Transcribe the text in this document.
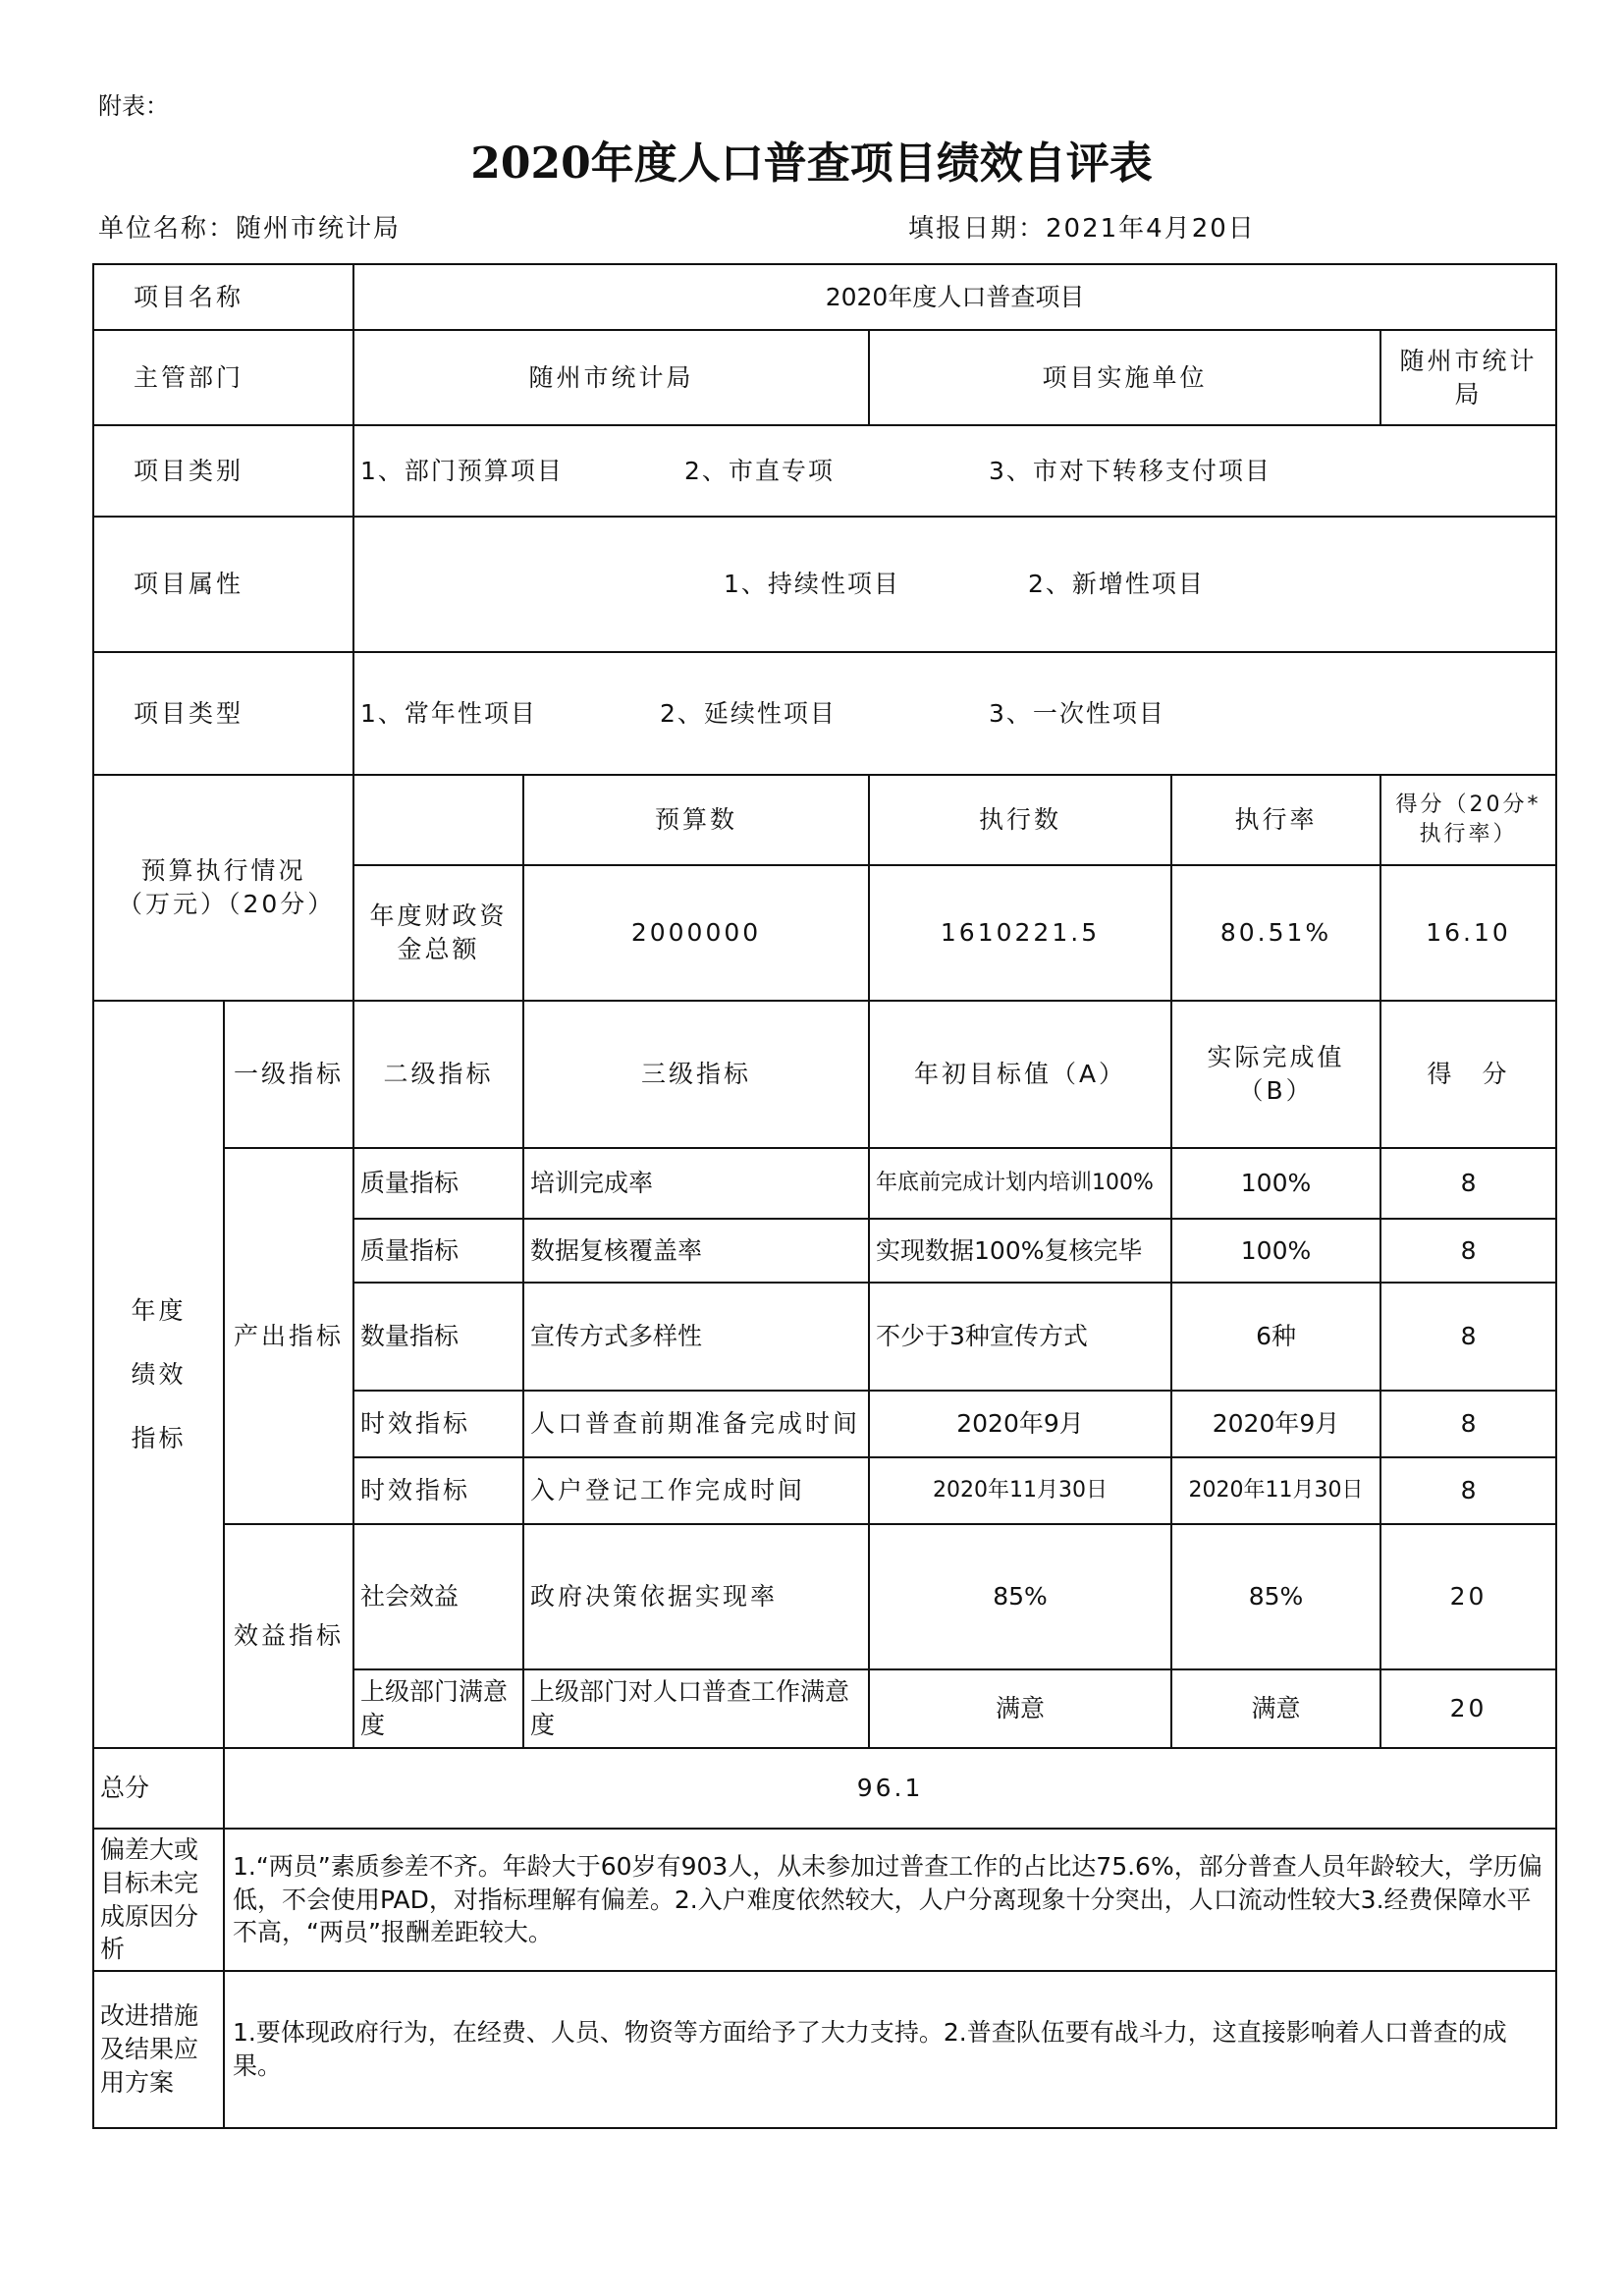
附表：
2020年度人口普查项目绩效自评表
单位名称：随州市统计局	填报日期：2021年4月20日
项目名称		2020年度人口普查项目				
主管部门		随州市统计局		项目实施单位		随州市统计局
项目类别		1、部门预算项目 2、市直专项 3、市对下转移支付项目				

项目属性		1、持续性项目 2、新增性项目				

项目类型		1、常年性项目 2、延续性项目 3、一次性项目				

预算执行情况（万元）（20分）			预算数	执行数	执行率	得分（20分*执行率）
		年度财政资金总额	2000000	1610221.5	80.51%	16.10
年度绩效指标	一级指标	二级指标	三级指标	年初目标值（A）	实际完成值（B）	得　分
	产出指标	质量指标	培训完成率	年底前完成计划内培训100%	100%	8
		质量指标	数据复核覆盖率	实现数据100%复核完毕	100%	8
		数量指标	宣传方式多样性	不少于3种宣传方式	6种	8
		时效指标	人口普查前期准备完成时间	2020年9月	2020年9月	8
		时效指标	入户登记工作完成时间	2020年11月30日	2020年11月30日	8
	效益指标	社会效益	政府决策依据实现率	85%	85%	20
		上级部门满意度	上级部门对人口普查工作满意度	满意	满意	20
总分	96.1					
偏差大或目标未完成原因分析	1.“两员”素质参差不齐。年龄大于60岁有903人，从未参加过普查工作的占比达75.6%，部分普查人员年龄较大，学历偏低，不会使用PAD，对指标理解有偏差。2.入户难度依然较大，人户分离现象十分突出，人口流动性较大3.经费保障水平不高，“两员”报酬差距较大。					
改进措施及结果应用方案	1.要体现政府行为，在经费、人员、物资等方面给予了大力支持。2.普查队伍要有战斗力，这直接影响着人口普查的成果。					
